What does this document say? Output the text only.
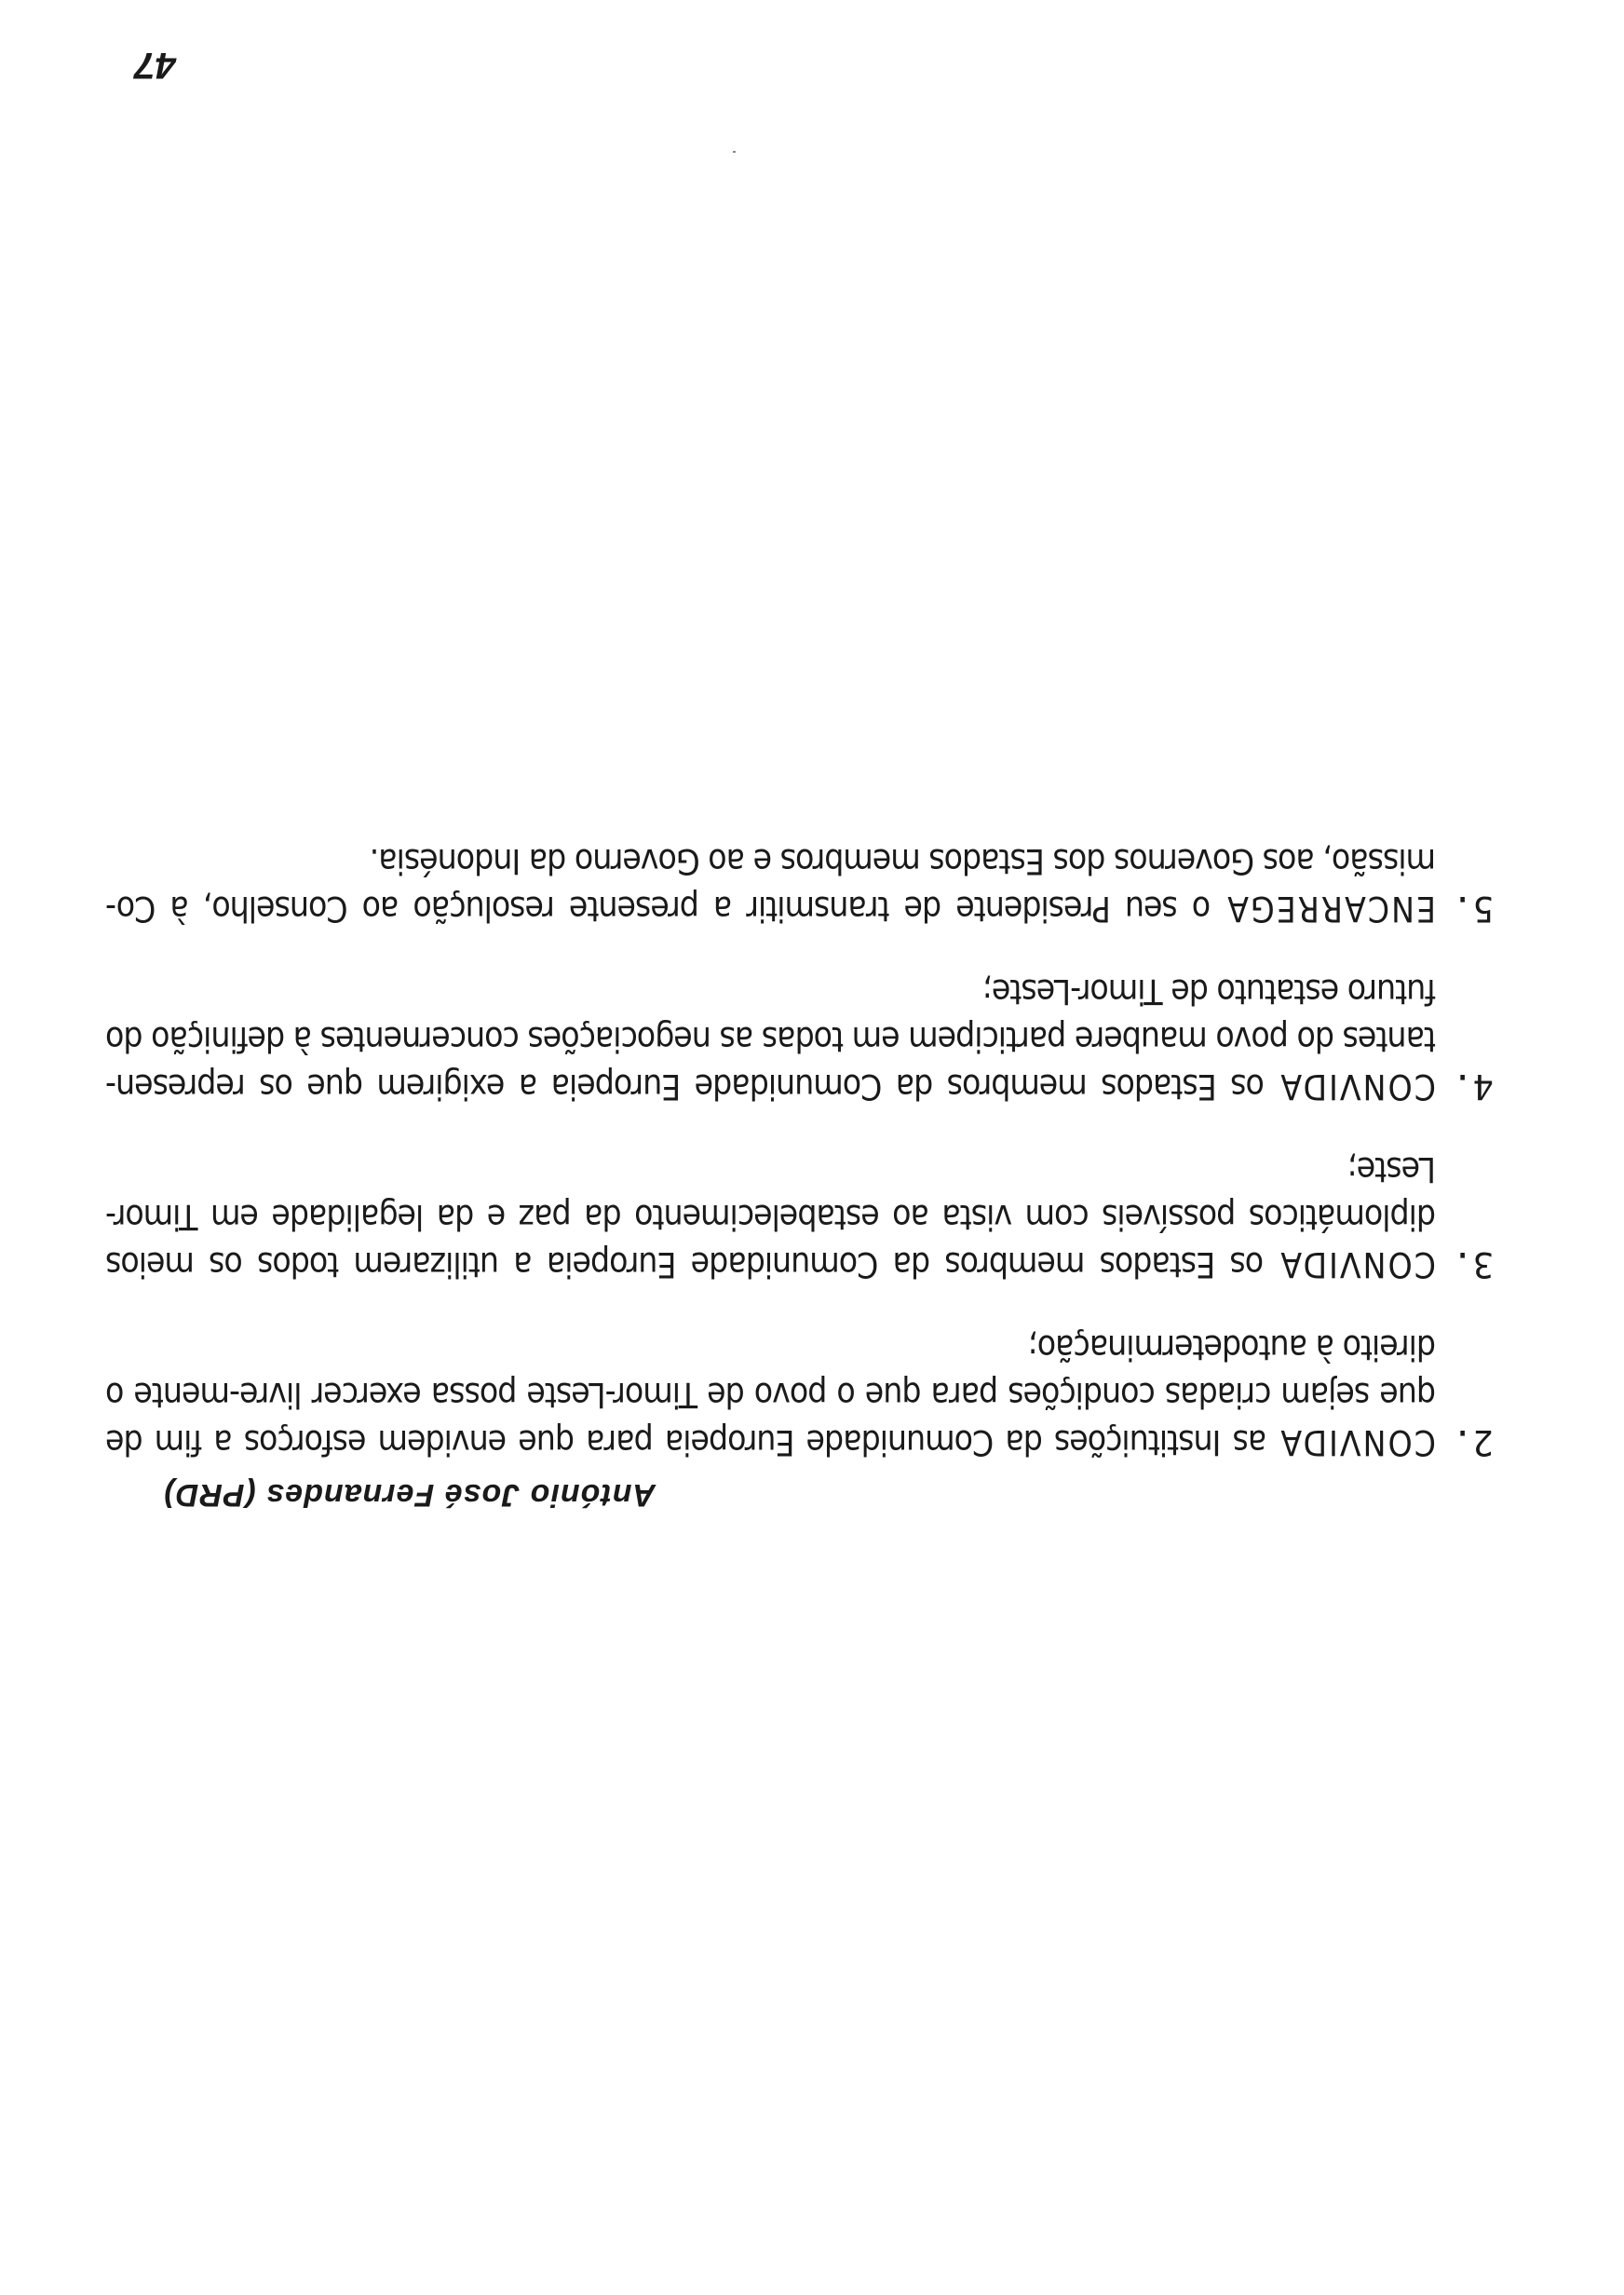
2.
CONVIDA as Instituições da Comunidade Europeia para que envidem esforços a fim de que sejam criadas condições para que o povo de Timor-Leste possa exercer livre-mente o direito à autodeterminação;
3.
CONVIDA os Estados membros da Comunidade Europeia a utilizarem todos os meios diplomáticos possíveis com vista ao estabelecimento da paz e da legalidade em Timor-Leste;
4.
CONVIDA os Estados membros da Comunidade Europeia a exigirem que os represen-tantes do povo maubere participem em todas as negociações concernentes à definição do futuro estatuto de Timor-Leste;
5.
ENCARREGA o seu Presidente de transmitir a presente resolução ao Conselho, à Co-missão, aos Governos dos Estados membros e ao Governo da Indonésia.
António José Fernandes (PRD)
47
